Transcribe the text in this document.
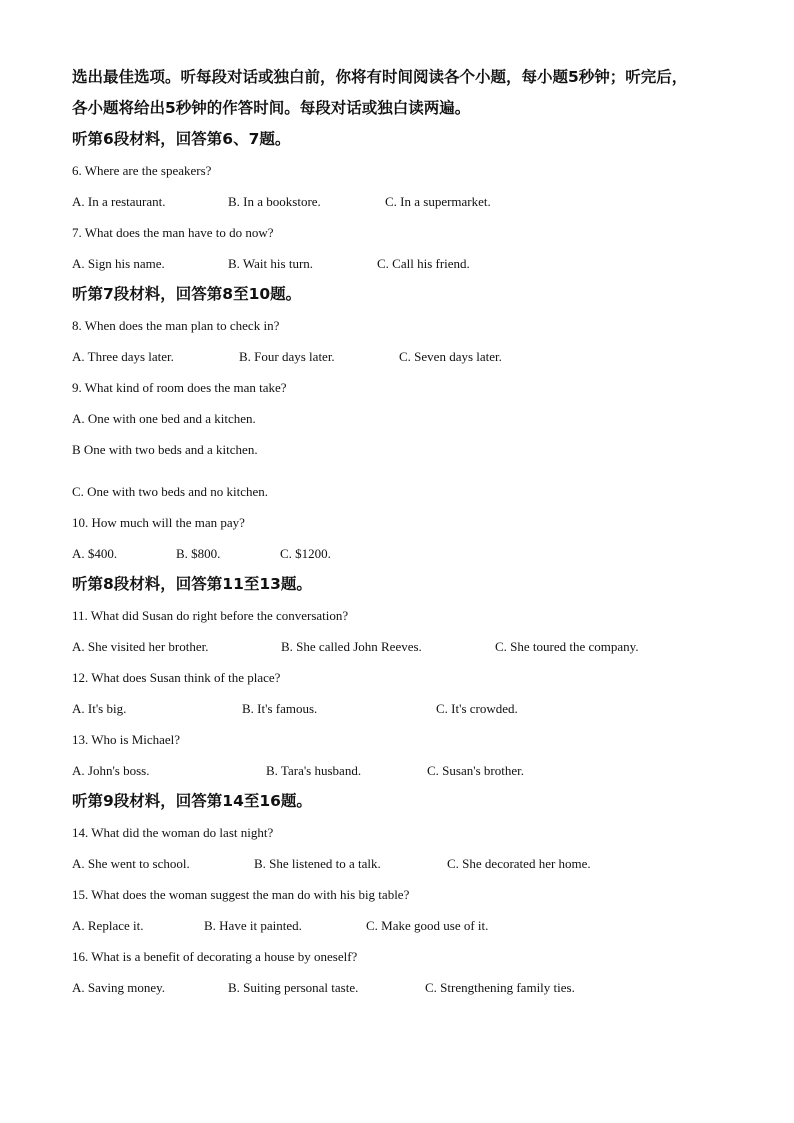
选出最佳选项。听每段对话或独白前，你将有时间阅读各个小题，每小题5秒钟；听完后，
各小题将给出5秒钟的作答时间。每段对话或独白读两遍。

听第6段材料，回答第6、7题。

6. Where are the speakers?

A. In a restaurant.	B. In a bookstore.	C. In a supermarket.

7. What does the man have to do now?

A. Sign his name.	B. Wait his turn.	C. Call his friend.

听第7段材料，回答第8至10题。

8. When does the man plan to check in?

A. Three days later.	B. Four days later.	C. Seven days later.

9. What kind of room does the man take?

A. One with one bed and a kitchen.

B One with two beds and a kitchen.

C. One with two beds and no kitchen.

10. How much will the man pay?

A. $400.	B. $800.	C. $1200.

听第8段材料，回答第11至13题。

11. What did Susan do right before the conversation?

A. She visited her brother.	B. She called John Reeves.	C. She toured the company.

12. What does Susan think of the place?

A. It's big.	B. It's famous.	C. It's crowded.

13. Who is Michael?

A. John's boss.	B. Tara's husband.	C. Susan's brother.

听第9段材料，回答第14至16题。

14. What did the woman do last night?

A. She went to school.	B. She listened to a talk.	C. She decorated her home.

15. What does the woman suggest the man do with his big table?

A. Replace it.	B. Have it painted.	C. Make good use of it.

16. What is a benefit of decorating a house by oneself?

A. Saving money.	B. Suiting personal taste.	C. Strengthening family ties.
